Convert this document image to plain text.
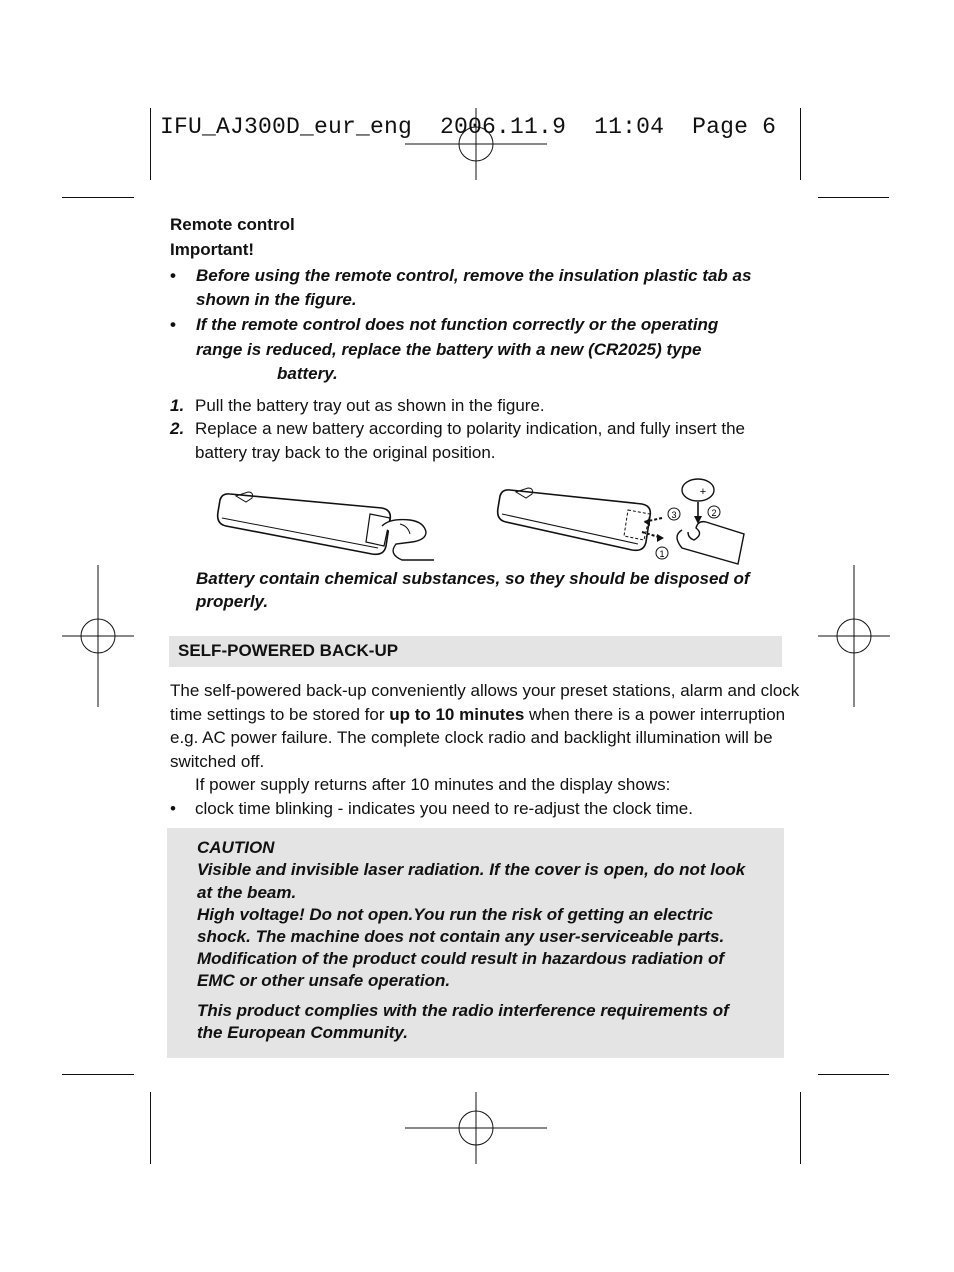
IFU_AJ300D_eur_eng  2006.11.9  11:04  Page 6
Remote control
Important!
• Before using the remote control, remove the insulation plastic tab as
shown in the figure.
• If the remote control does not function correctly or the operating
range is reduced, replace the battery with a new (CR2025) type
battery.
1. Pull the battery tray out as shown in the figure.
2. Replace a new battery according to polarity indication, and fully insert the
battery tray back to the original position.
+
1
2
3
Battery contain chemical substances, so they should be disposed of
properly.
SELF-POWERED BACK-UP
The self-powered back-up conveniently allows your preset stations, alarm and clock
time settings to be stored for up to 10 minutes when there is a power interruption
e.g. AC power failure. The complete clock radio and backlight illumination will be
switched off.
If power supply returns after 10 minutes and the display shows:
• clock time blinking - indicates you need to re-adjust the clock time.
CAUTION
Visible and invisible laser radiation. If the cover is open, do not look
at the beam.
High voltage! Do not open.You run the risk of getting an electric
shock. The machine does not contain any user-serviceable parts.
Modification of the product could result in hazardous radiation of
EMC or other unsafe operation.
This product complies with the radio interference requirements of
the European Community.
